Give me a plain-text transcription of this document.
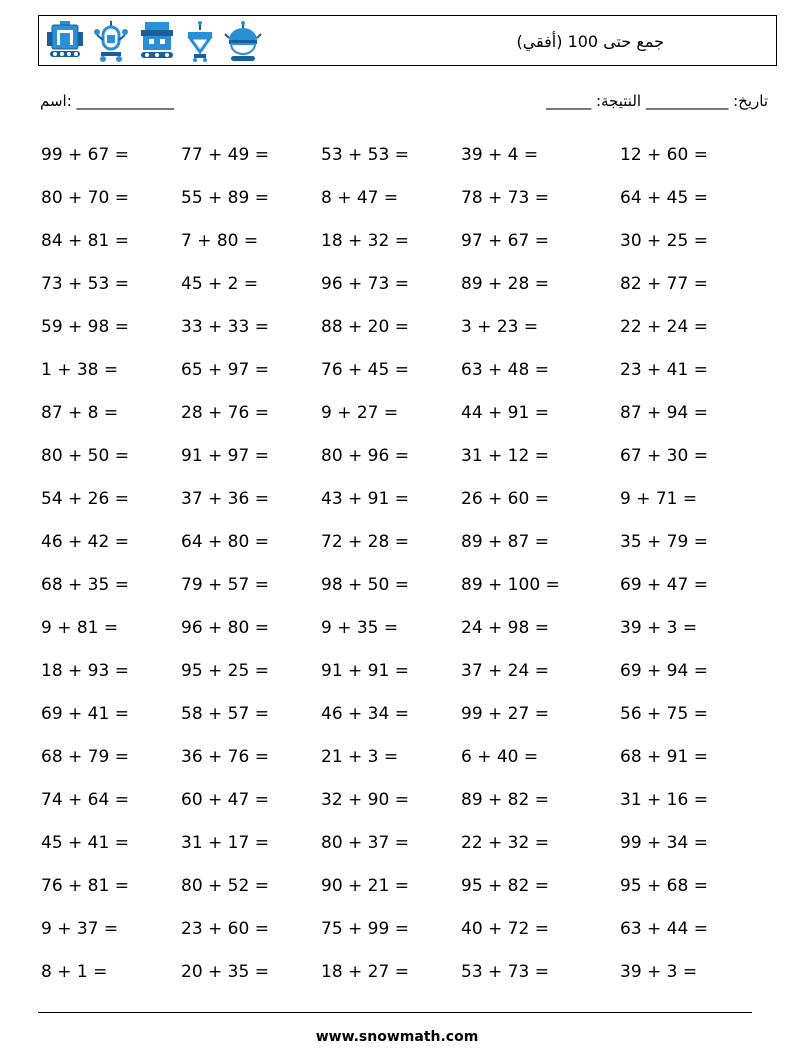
جمع حتى 100 (أفقي)
اسم: _____________	______ :تاريخ: ___________ النتيجة
99 + 67 =	77 + 49 =	53 + 53 =	39 + 4 =	12 + 60 =
80 + 70 =	55 + 89 =	8 + 47 =	78 + 73 =	64 + 45 =
84 + 81 =	7 + 80 =	18 + 32 =	97 + 67 =	30 + 25 =
73 + 53 =	45 + 2 =	96 + 73 =	89 + 28 =	82 + 77 =
59 + 98 =	33 + 33 =	88 + 20 =	3 + 23 =	22 + 24 =
1 + 38 =	65 + 97 =	76 + 45 =	63 + 48 =	23 + 41 =
87 + 8 =	28 + 76 =	9 + 27 =	44 + 91 =	87 + 94 =
80 + 50 =	91 + 97 =	80 + 96 =	31 + 12 =	67 + 30 =
54 + 26 =	37 + 36 =	43 + 91 =	26 + 60 =	9 + 71 =
46 + 42 =	64 + 80 =	72 + 28 =	89 + 87 =	35 + 79 =
68 + 35 =	79 + 57 =	98 + 50 =	89 + 100 =	69 + 47 =
9 + 81 =	96 + 80 =	9 + 35 =	24 + 98 =	39 + 3 =
18 + 93 =	95 + 25 =	91 + 91 =	37 + 24 =	69 + 94 =
69 + 41 =	58 + 57 =	46 + 34 =	99 + 27 =	56 + 75 =
68 + 79 =	36 + 76 =	21 + 3 =	6 + 40 =	68 + 91 =
74 + 64 =	60 + 47 =	32 + 90 =	89 + 82 =	31 + 16 =
45 + 41 =	31 + 17 =	80 + 37 =	22 + 32 =	99 + 34 =
76 + 81 =	80 + 52 =	90 + 21 =	95 + 82 =	95 + 68 =
9 + 37 =	23 + 60 =	75 + 99 =	40 + 72 =	63 + 44 =
8 + 1 =	20 + 35 =	18 + 27 =	53 + 73 =	39 + 3 =
www.snowmath.com
